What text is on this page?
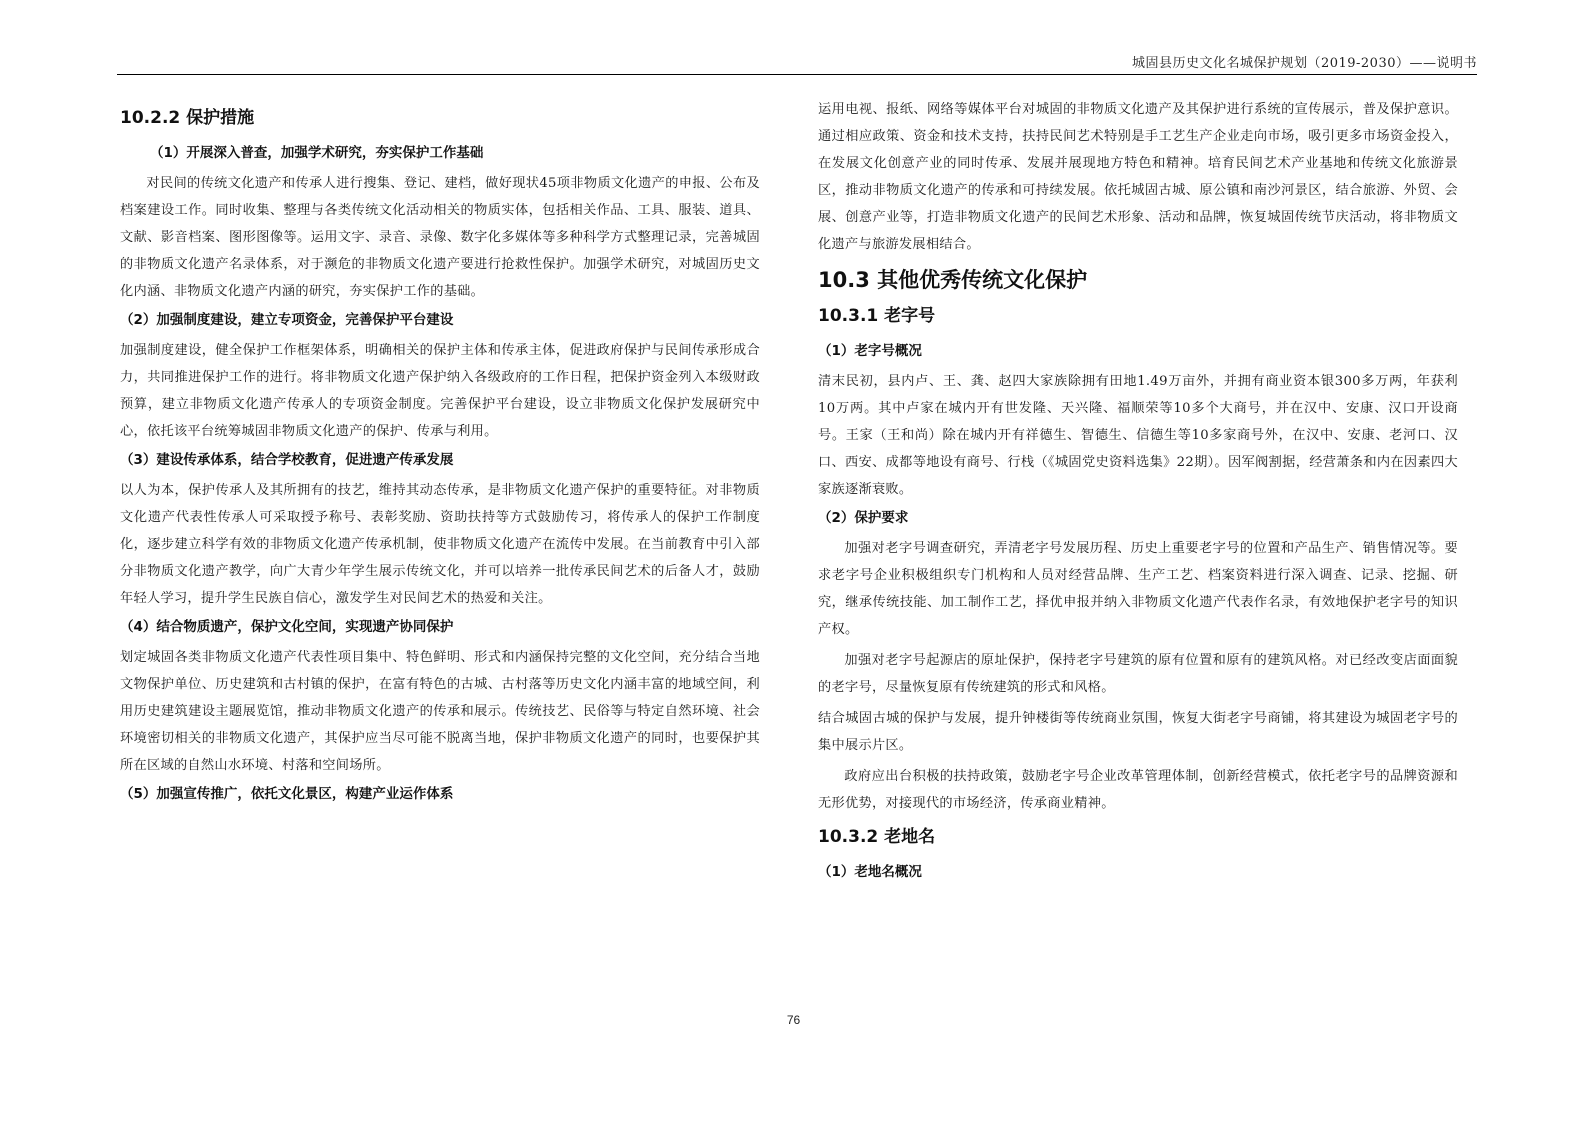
城固县历史文化名城保护规划（2019-2030）——说明书
10.2.2 保护措施
（1）开展深入普查，加强学术研究，夯实保护工作基础

对民间的传统文化遗产和传承人进行搜集、登记、建档，做好现状45项非物质文化遗产的申报、公布及档案建设工作。同时收集、整理与各类传统文化活动相关的物质实体，包括相关作品、工具、服装、道具、文献、影音档案、图形图像等。运用文字、录音、录像、数字化多媒体等多种科学方式整理记录，完善城固的非物质文化遗产名录体系，对于濒危的非物质文化遗产要进行抢救性保护。加强学术研究，对城固历史文化内涵、非物质文化遗产内涵的研究，夯实保护工作的基础。

（2）加强制度建设，建立专项资金，完善保护平台建设

加强制度建设，健全保护工作框架体系，明确相关的保护主体和传承主体，促进政府保护与民间传承形成合力，共同推进保护工作的进行。将非物质文化遗产保护纳入各级政府的工作日程，把保护资金列入本级财政预算，建立非物质文化遗产传承人的专项资金制度。完善保护平台建设，设立非物质文化保护发展研究中心，依托该平台统筹城固非物质文化遗产的保护、传承与利用。

（3）建设传承体系，结合学校教育，促进遗产传承发展

以人为本，保护传承人及其所拥有的技艺，维持其动态传承，是非物质文化遗产保护的重要特征。对非物质文化遗产代表性传承人可采取授予称号、表彰奖励、资助扶持等方式鼓励传习，将传承人的保护工作制度化，逐步建立科学有效的非物质文化遗产传承机制，使非物质文化遗产在流传中发展。在当前教育中引入部分非物质文化遗产教学，向广大青少年学生展示传统文化，并可以培养一批传承民间艺术的后备人才，鼓励年轻人学习，提升学生民族自信心，激发学生对民间艺术的热爱和关注。

（4）结合物质遗产，保护文化空间，实现遗产协同保护

划定城固各类非物质文化遗产代表性项目集中、特色鲜明、形式和内涵保持完整的文化空间，充分结合当地文物保护单位、历史建筑和古村镇的保护，在富有特色的古城、古村落等历史文化内涵丰富的地域空间，利用历史建筑建设主题展览馆，推动非物质文化遗产的传承和展示。传统技艺、民俗等与特定自然环境、社会环境密切相关的非物质文化遗产，其保护应当尽可能不脱离当地，保护非物质文化遗产的同时，也要保护其所在区域的自然山水环境、村落和空间场所。

（5）加强宣传推广，依托文化景区，构建产业运作体系

运用电视、报纸、网络等媒体平台对城固的非物质文化遗产及其保护进行系统的宣传展示，普及保护意识。通过相应政策、资金和技术支持，扶持民间艺术特别是手工艺生产企业走向市场，吸引更多市场资金投入，在发展文化创意产业的同时传承、发展并展现地方特色和精神。培育民间艺术产业基地和传统文化旅游景区，推动非物质文化遗产的传承和可持续发展。依托城固古城、原公镇和南沙河景区，结合旅游、外贸、会展、创意产业等，打造非物质文化遗产的民间艺术形象、活动和品牌，恢复城固传统节庆活动，将非物质文化遗产与旅游发展相结合。

10.3 其他优秀传统文化保护
10.3.1 老字号
（1）老字号概况

清末民初，县内卢、王、龚、赵四大家族除拥有田地1.49万亩外，并拥有商业资本银300多万两，年获利10万两。其中卢家在城内开有世发隆、天兴隆、福顺荣等10多个大商号，并在汉中、安康、汉口开设商号。王家（王和尚）除在城内开有祥德生、智德生、信德生等10多家商号外，在汉中、安康、老河口、汉口、西安、成都等地设有商号、行栈（《城固党史资料选集》22期）。因军阀割据，经营萧条和内在因素四大家族逐渐衰败。

（2）保护要求

加强对老字号调查研究，弄清老字号发展历程、历史上重要老字号的位置和产品生产、销售情况等。要求老字号企业积极组织专门机构和人员对经营品牌、生产工艺、档案资料进行深入调查、记录、挖掘、研究，继承传统技能、加工制作工艺，择优申报并纳入非物质文化遗产代表作名录，有效地保护老字号的知识产权。

加强对老字号起源店的原址保护，保持老字号建筑的原有位置和原有的建筑风格。对已经改变店面面貌的老字号，尽量恢复原有传统建筑的形式和风格。

结合城固古城的保护与发展，提升钟楼街等传统商业氛围，恢复大街老字号商铺，将其建设为城固老字号的集中展示片区。

政府应出台积极的扶持政策，鼓励老字号企业改革管理体制，创新经营模式，依托老字号的品牌资源和无形优势，对接现代的市场经济，传承商业精神。

10.3.2 老地名
（1）老地名概况
76
